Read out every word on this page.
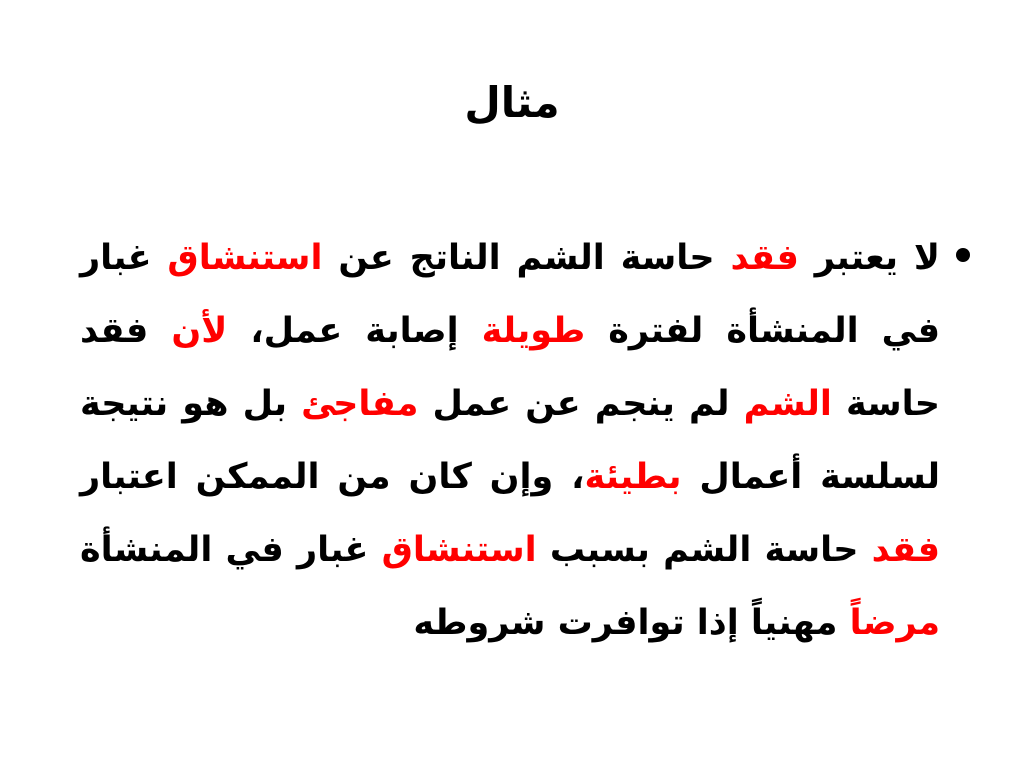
مثال

لا يعتبر فقد حاسة الشم الناتج عن استنشاق غبار في المنشأة لفترة طويلة إصابة عمل، لأن فقد حاسة الشم لم ينجم عن عمل مفاجئ بل هو نتيجة لسلسة أعمال بطيئة، وإن كان من الممكن اعتبار فقد حاسة الشم بسبب استنشاق غبار في المنشأة مرضاً مهنياً إذا توافرت شروطه
